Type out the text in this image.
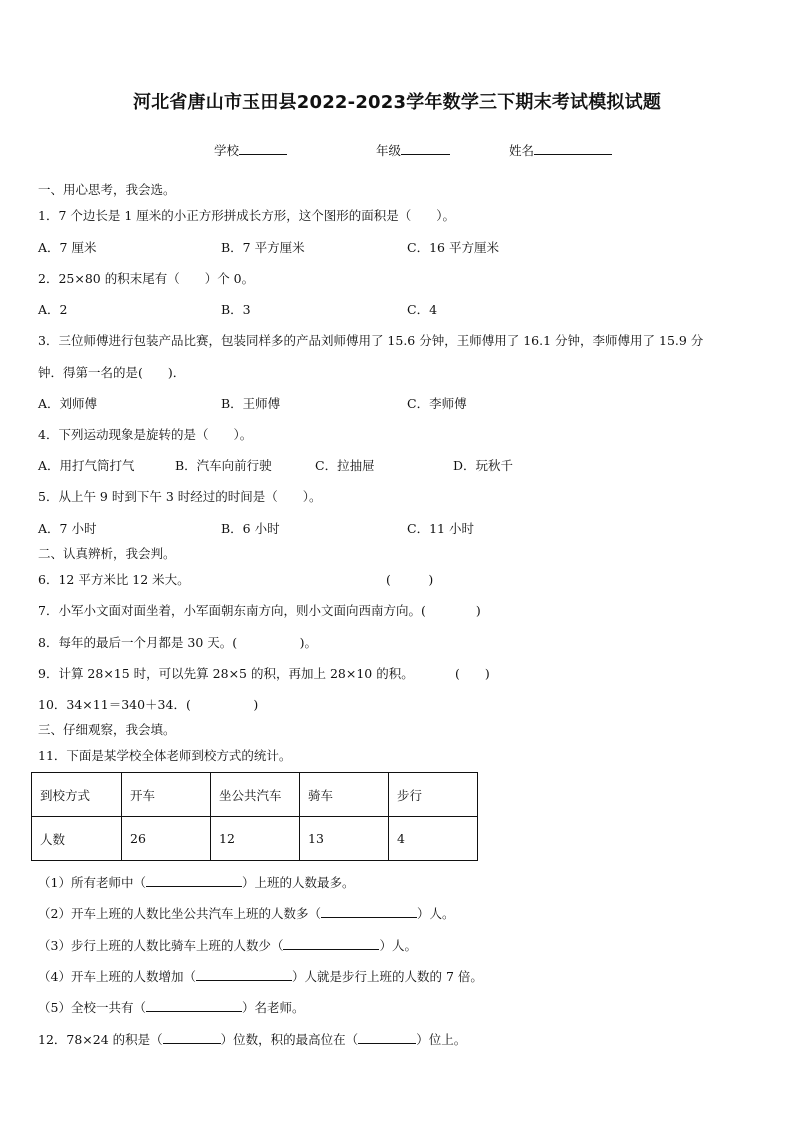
河北省唐山市玉田县2022-2023学年数学三下期末考试模拟试题
学校	年级	姓名
一、用心思考，我会选。
1．7 个边长是 1 厘米的小正方形拼成长方形，这个图形的面积是（　　）。
A．7 厘米	B．7 平方厘米	C．16 平方厘米
2．25×80 的积末尾有（　　）个 0。
A．2	B．3	C．4
3．三位师傅进行包装产品比赛，包装同样多的产品刘师傅用了 15.6 分钟，王师傅用了 16.1 分钟，李师傅用了 15.9 分
钟．得第一名的是(　　)．
A．刘师傅	B．王师傅	C．李师傅
4．下列运动现象是旋转的是（　　）。
A．用打气筒打气	B．汽车向前行驶	C．拉抽屉	D．玩秋千
5．从上午 9 时到下午 3 时经过的时间是（　　）。
A．7 小时	B．6 小时	C．11 小时
二、认真辨析，我会判。
6．12 平方米比 12 米大。	(　　　)
7．小军小文面对面坐着，小军面朝东南方向，则小文面向西南方向。(　　　　)
8．每年的最后一个月都是 30 天。(　　　　　)。
9．计算 28×15 时，可以先算 28×5 的积，再加上 28×10 的积。	(　　)
10．34×11＝340＋34．(　　　　　)
三、仔细观察，我会填。
11．下面是某学校全体老师到校方式的统计。
到校方式	开车	坐公共汽车	骑车	步行
人数	26	12	13	4
（1）所有老师中（	）上班的人数最多。
（2）开车上班的人数比坐公共汽车上班的人数多（	）人。
（3）步行上班的人数比骑车上班的人数少（	）人。
（4）开车上班的人数增加（	）人就是步行上班的人数的 7 倍。
（5）全校一共有（	）名老师。
12．78×24 的积是（	）位数，积的最高位在（	）位上。
